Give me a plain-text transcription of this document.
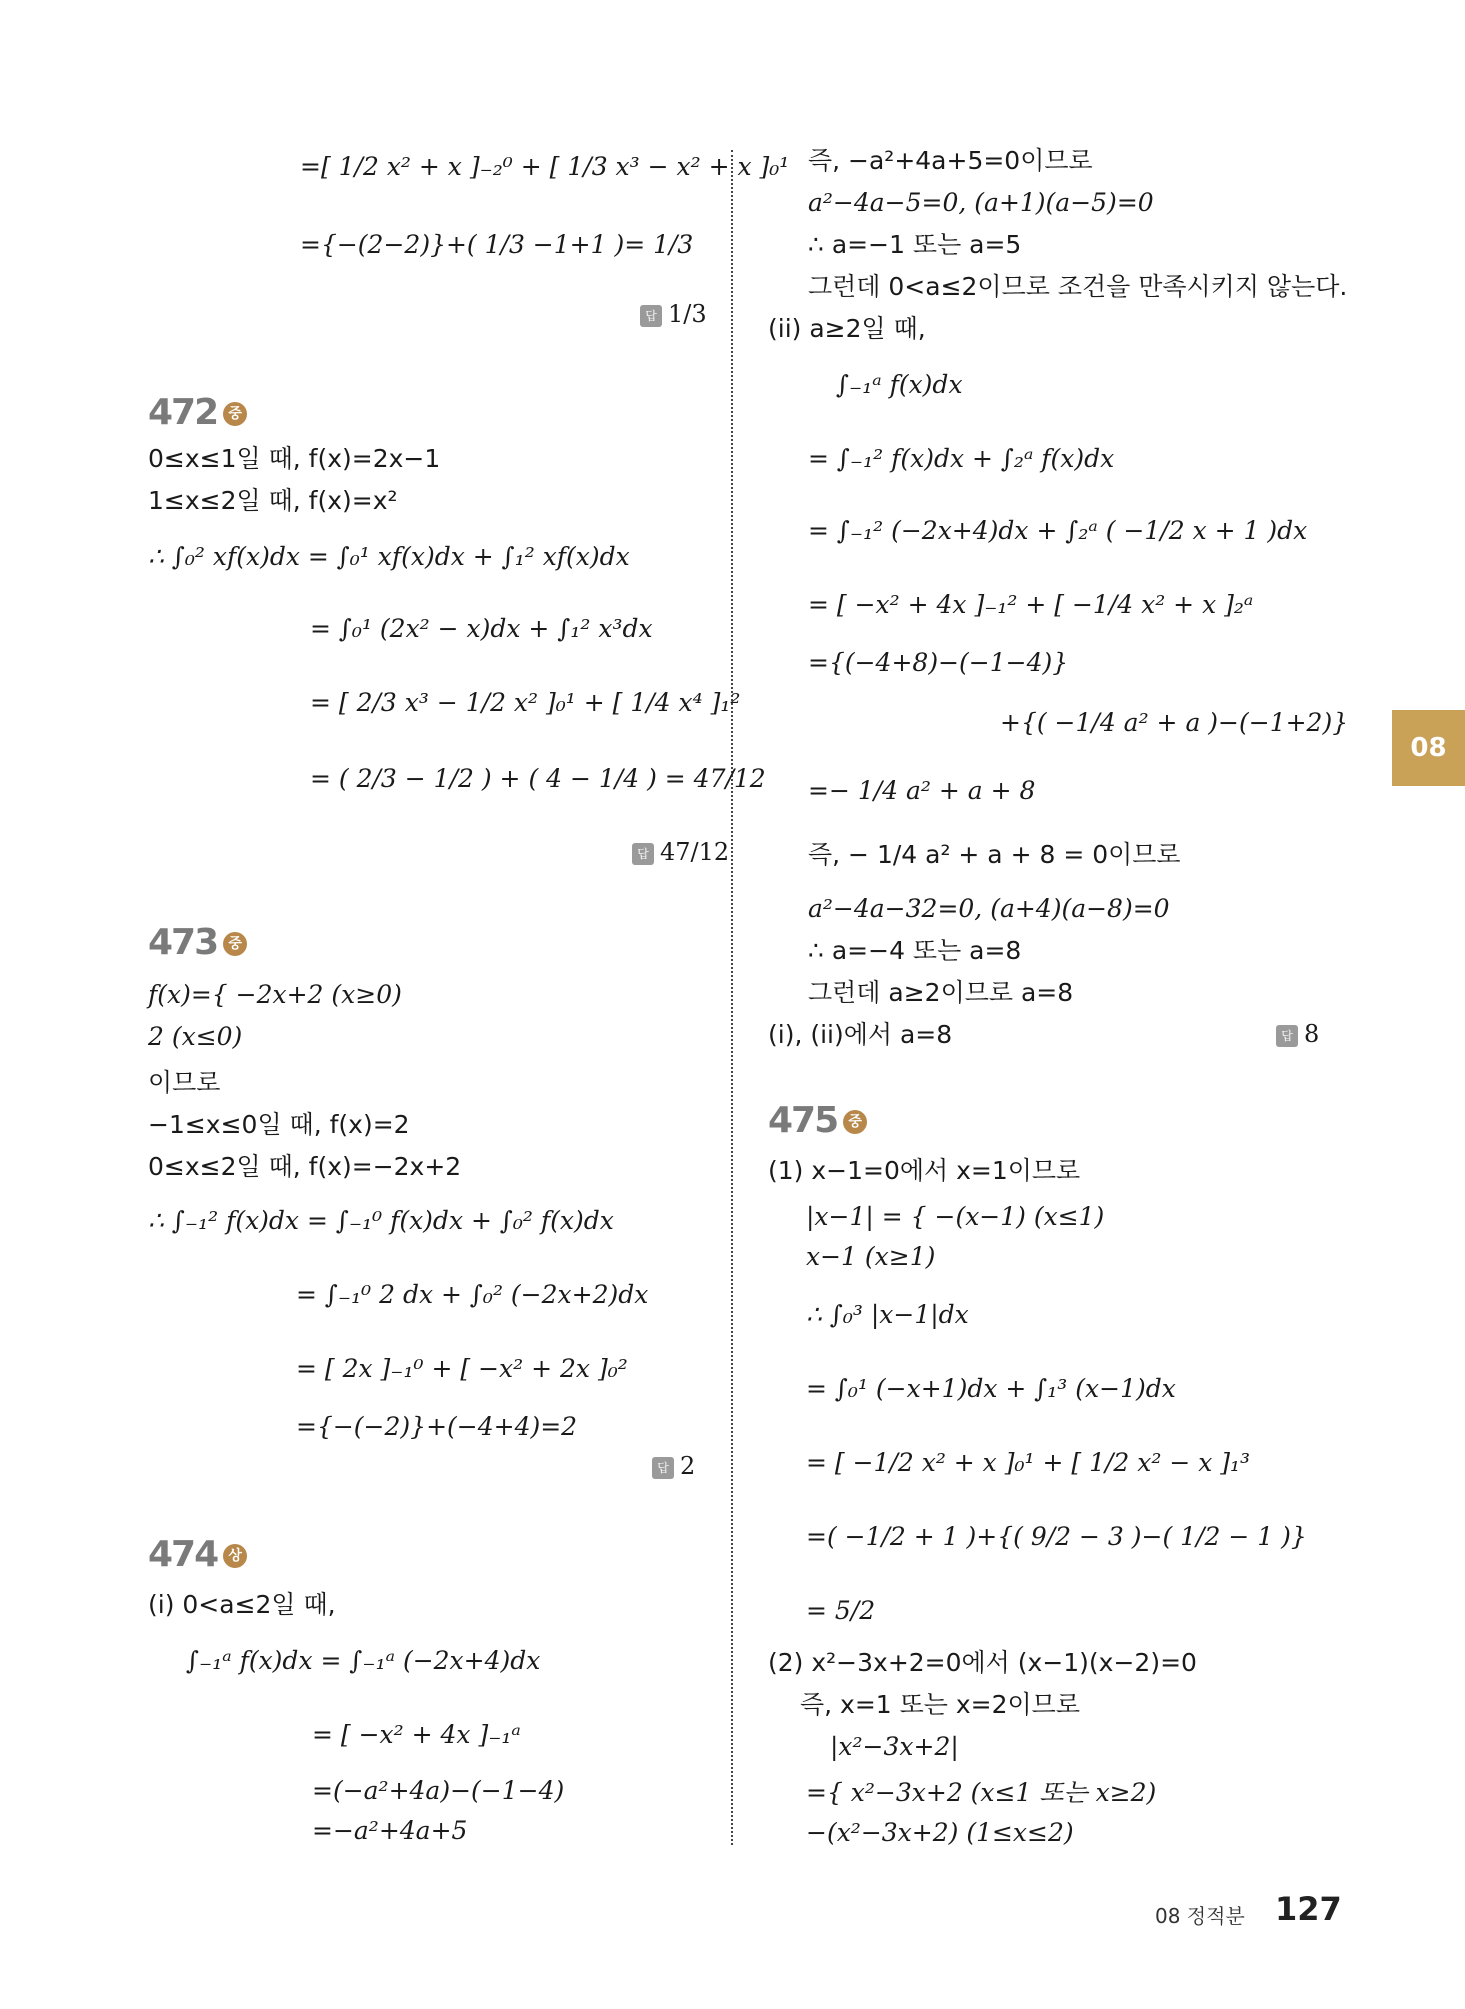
=[ 1/2 x² + x ]₋₂⁰ + [ 1/3 x³ − x² + x ]₀¹
={−(2−2)}+( 1/3 −1+1 )= 1/3
답 1/3
472 중
0≤x≤1일 때, f(x)=2x−1
1≤x≤2일 때, f(x)=x²
∴ ∫₀² xf(x)dx = ∫₀¹ xf(x)dx + ∫₁² xf(x)dx
= ∫₀¹ (2x² − x)dx + ∫₁² x³dx
= [ 2/3 x³ − 1/2 x² ]₀¹ + [ 1/4 x⁴ ]₁²
= ( 2/3 − 1/2 ) + ( 4 − 1/4 ) = 47/12
답 47/12
473 중
f(x)={ −2x+2 (x≥0)
2 (x≤0)
이므로
−1≤x≤0일 때, f(x)=2
0≤x≤2일 때, f(x)=−2x+2
∴ ∫₋₁² f(x)dx = ∫₋₁⁰ f(x)dx + ∫₀² f(x)dx
= ∫₋₁⁰ 2 dx + ∫₀² (−2x+2)dx
= [ 2x ]₋₁⁰ + [ −x² + 2x ]₀²
={−(−2)}+(−4+4)=2
답 2
474 상
(i) 0<a≤2일 때,
∫₋₁ᵃ f(x)dx = ∫₋₁ᵃ (−2x+4)dx
= [ −x² + 4x ]₋₁ᵃ
=(−a²+4a)−(−1−4)
=−a²+4a+5
즉, −a²+4a+5=0이므로
a²−4a−5=0, (a+1)(a−5)=0
∴ a=−1 또는 a=5
그런데 0<a≤2이므로 조건을 만족시키지 않는다.
(ii) a≥2일 때,
∫₋₁ᵃ f(x)dx
= ∫₋₁² f(x)dx + ∫₂ᵃ f(x)dx
= ∫₋₁² (−2x+4)dx + ∫₂ᵃ ( −1/2 x + 1 )dx
= [ −x² + 4x ]₋₁² + [ −1/4 x² + x ]₂ᵃ
={(−4+8)−(−1−4)}
+{( −1/4 a² + a )−(−1+2)}
=− 1/4 a² + a + 8
즉, − 1/4 a² + a + 8 = 0이므로
a²−4a−32=0, (a+4)(a−8)=0
∴ a=−4 또는 a=8
그런데 a≥2이므로 a=8
(i), (ii)에서 a=8	답 8
475 중
(1) x−1=0에서 x=1이므로
|x−1| = { −(x−1) (x≤1)
x−1 (x≥1)
∴ ∫₀³ |x−1|dx
= ∫₀¹ (−x+1)dx + ∫₁³ (x−1)dx
= [ −1/2 x² + x ]₀¹ + [ 1/2 x² − x ]₁³
=( −1/2 + 1 )+{( 9/2 − 3 )−( 1/2 − 1 )}
= 5/2
(2) x²−3x+2=0에서 (x−1)(x−2)=0
즉, x=1 또는 x=2이므로
|x²−3x+2|
={ x²−3x+2 (x≤1 또는 x≥2)
−(x²−3x+2) (1≤x≤2)
08
08 정적분 127
